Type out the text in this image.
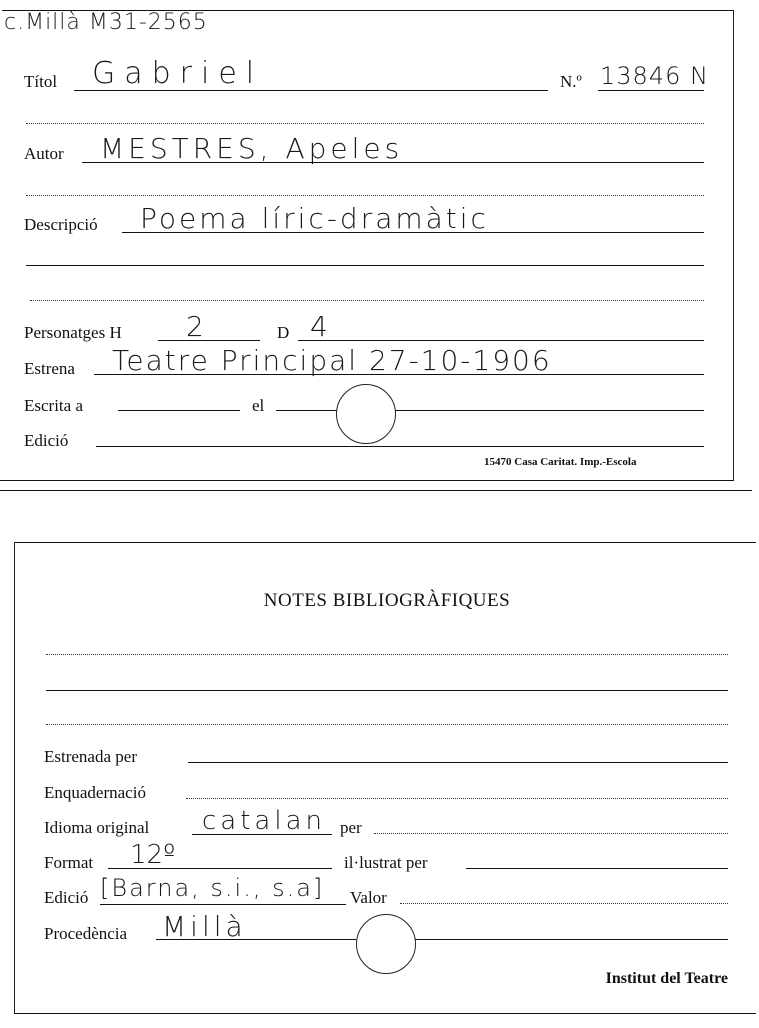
c.Millà M31-2565
Títol Gabriel	N.º 13846 N
Autor MESTRES, Apeles
Descripció Poema líric-dramàtic
Personatges H 2	D 4
Estrena Teatre Principal 27-10-1906
Escrita a	el
Edició
15470 Casa Caritat. Imp.-Escola
NOTES BIBLIOGRÀFIQUES
Estrenada per
Enquadernació
Idioma original catalan per
Format 12º	il·lustrat per
Edició [Barna, s.i., s.a] Valor
Procedència Millà
Institut del Teatre
